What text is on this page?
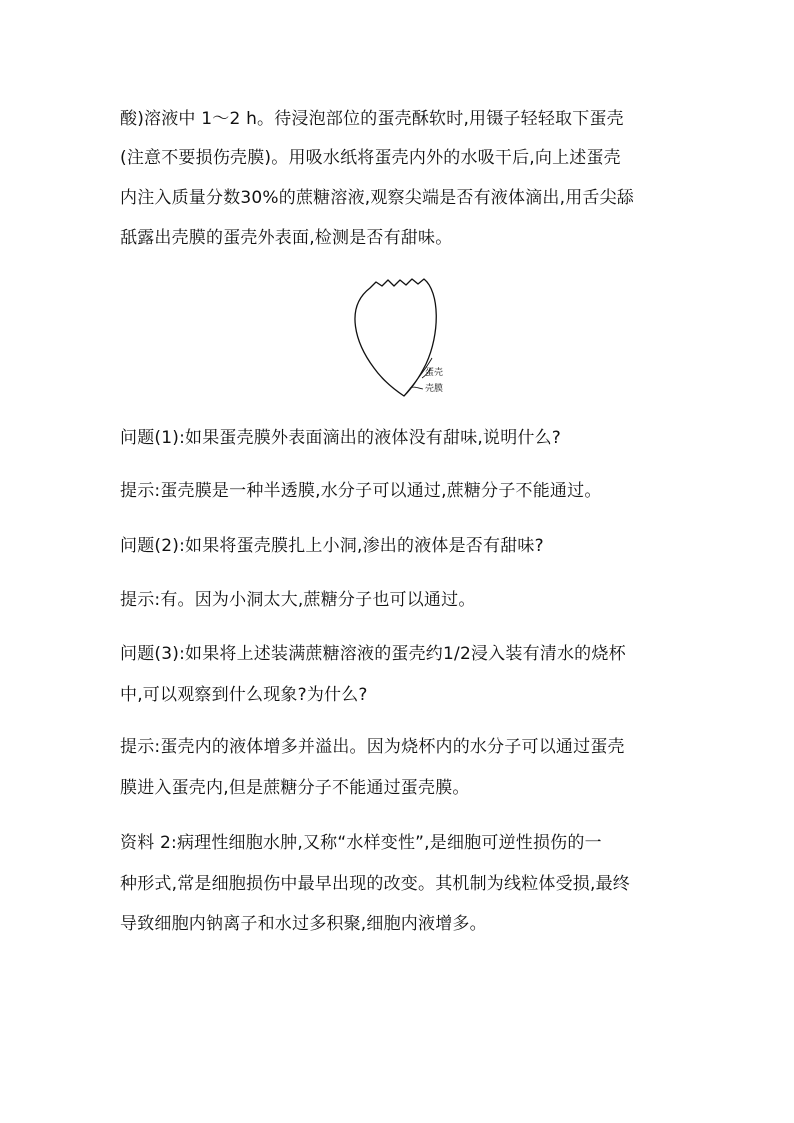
酸)溶液中 1～2 h。待浸泡部位的蛋壳酥软时,用镊子轻轻取下蛋壳
(注意不要损伤壳膜)。用吸水纸将蛋壳内外的水吸干后,向上述蛋壳
内注入质量分数30%的蔗糖溶液,观察尖端是否有液体滴出,用舌尖舔
舐露出壳膜的蛋壳外表面,检测是否有甜味。
蛋壳
壳膜
问题(1):如果蛋壳膜外表面滴出的液体没有甜味,说明什么?
提示:蛋壳膜是一种半透膜,水分子可以通过,蔗糖分子不能通过。
问题(2):如果将蛋壳膜扎上小洞,渗出的液体是否有甜味?
提示:有。因为小洞太大,蔗糖分子也可以通过。
问题(3):如果将上述装满蔗糖溶液的蛋壳约1/2浸入装有清水的烧杯
中,可以观察到什么现象?为什么?
提示:蛋壳内的液体增多并溢出。因为烧杯内的水分子可以通过蛋壳
膜进入蛋壳内,但是蔗糖分子不能通过蛋壳膜。
资料 2:病理性细胞水肿,又称“水样变性”,是细胞可逆性损伤的一
种形式,常是细胞损伤中最早出现的改变。其机制为线粒体受损,最终
导致细胞内钠离子和水过多积聚,细胞内液增多。
